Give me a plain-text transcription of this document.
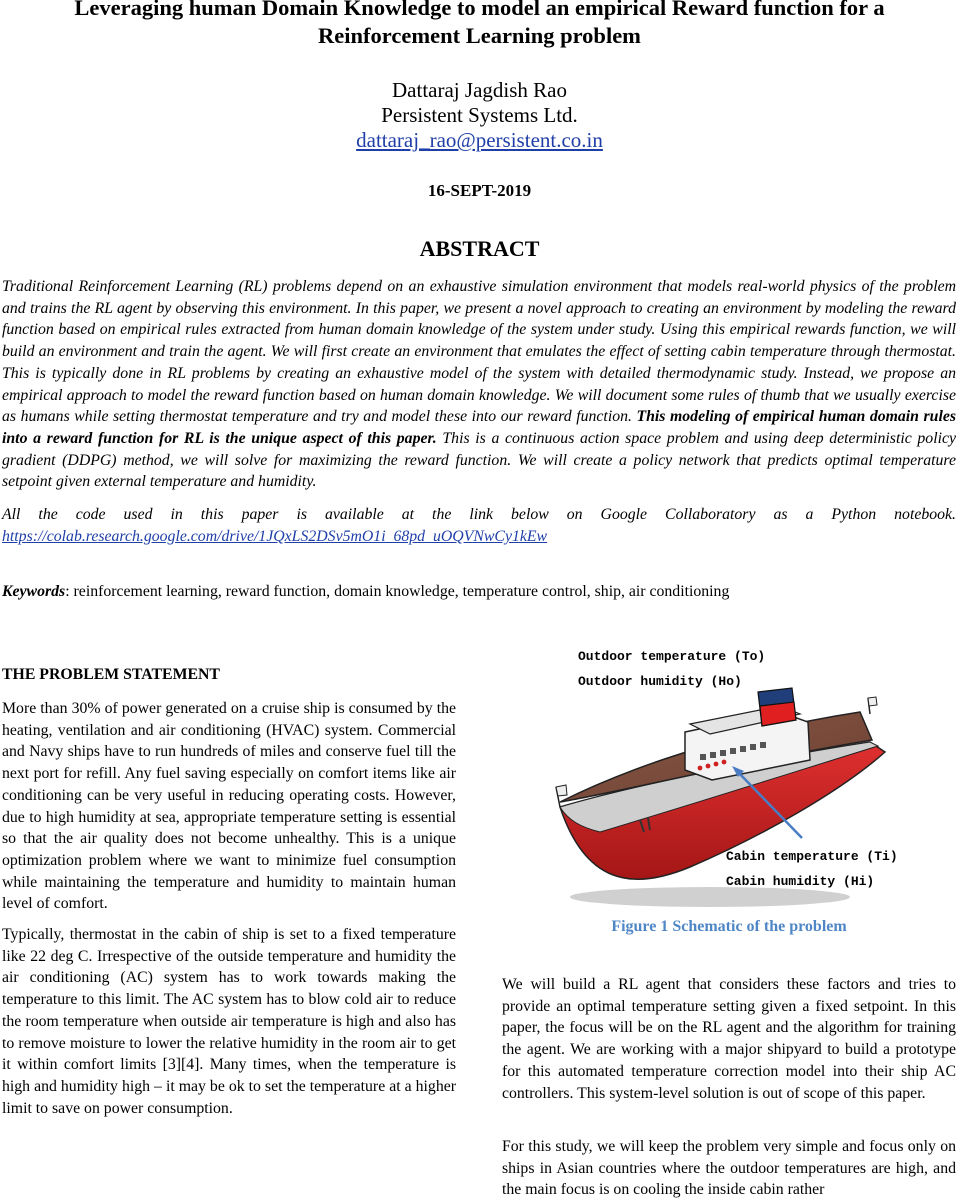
Leveraging human Domain Knowledge to model an empirical Reward function for a
Reinforcement Learning problem
Dattaraj Jagdish Rao
Persistent Systems Ltd.
dattaraj_rao@persistent.co.in
16-SEPT-2019
ABSTRACT
Traditional Reinforcement Learning (RL) problems depend on an exhaustive simulation environment that models real-world physics of the problem and trains the RL agent by observing this environment. In this paper, we present a novel approach to creating an environment by modeling the reward function based on empirical rules extracted from human domain knowledge of the system under study. Using this empirical rewards function, we will build an environment and train the agent. We will first create an environment that emulates the effect of setting cabin temperature through thermostat. This is typically done in RL problems by creating an exhaustive model of the system with detailed thermodynamic study. Instead, we propose an empirical approach to model the reward function based on human domain knowledge. We will document some rules of thumb that we usually exercise as humans while setting thermostat temperature and try and model these into our reward function. This modeling of empirical human domain rules into a reward function for RL is the unique aspect of this paper. This is a continuous action space problem and using deep deterministic policy gradient (DDPG) method, we will solve for maximizing the reward function. We will create a policy network that predicts optimal temperature setpoint given external temperature and humidity.
All the code used in this paper is available at the link below on Google Collaboratory as a Python notebook.
https://colab.research.google.com/drive/1JQxLS2DSv5mO1i_68pd_uOQVNwCy1kEw
Keywords: reinforcement learning, reward function, domain knowledge, temperature control, ship, air conditioning
THE PROBLEM STATEMENT
More than 30% of power generated on a cruise ship is consumed by the heating, ventilation and air conditioning (HVAC) system. Commercial and Navy ships have to run hundreds of miles and conserve fuel till the next port for refill. Any fuel saving especially on comfort items like air conditioning can be very useful in reducing operating costs. However, due to high humidity at sea, appropriate temperature setting is essential so that the air quality does not become unhealthy. This is a unique optimization problem where we want to minimize fuel consumption while maintaining the temperature and humidity to maintain human level of comfort.
Typically, thermostat in the cabin of ship is set to a fixed temperature like 22 deg C. Irrespective of the outside temperature and humidity the air conditioning (AC) system has to work towards making the temperature to this limit. The AC system has to blow cold air to reduce the room temperature when outside air temperature is high and also has to remove moisture to lower the relative humidity in the room air to get it within comfort limits [3][4]. Many times, when the temperature is high and humidity high – it may be ok to set the temperature at a higher limit to save on power consumption.
Outdoor temperature (To)
Outdoor humidity (Ho)
Cabin temperature (Ti)
Cabin humidity (Hi)
Figure 1 Schematic of the problem
We will build a RL agent that considers these factors and tries to provide an optimal temperature setting given a fixed setpoint. In this paper, the focus will be on the RL agent and the algorithm for training the agent. We are working with a major shipyard to build a prototype for this automated temperature correction model into their ship AC controllers. This system-level solution is out of scope of this paper.
For this study, we will keep the problem very simple and focus only on ships in Asian countries where the outdoor temperatures are high, and the main focus is on cooling the inside cabin rather
